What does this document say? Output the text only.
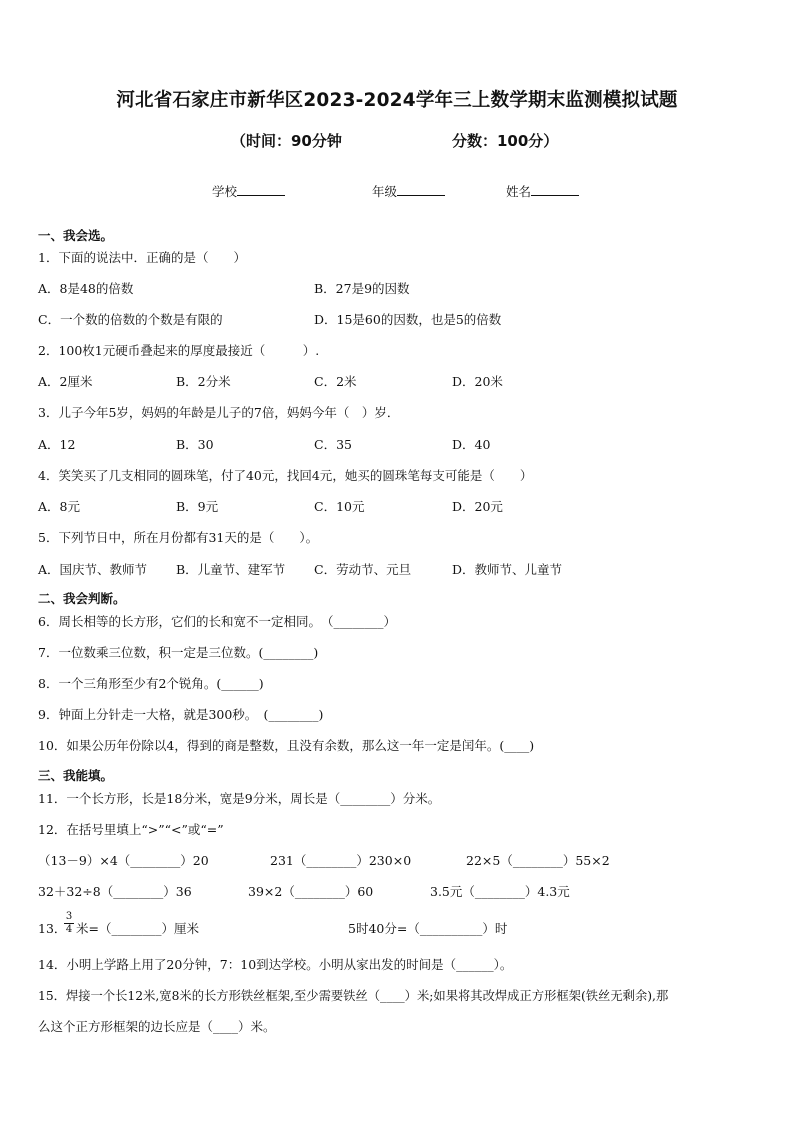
河北省石家庄市新华区2023-2024学年三上数学期末监测模拟试题
（时间：90分钟	分数：100分）
学校	年级	姓名
一、我会选。
1．下面的说法中．正确的是（　　）
A．8是48的倍数	B．27是9的因数
C．一个数的倍数的个数是有限的	D．15是60的因数，也是5的倍数
2．100枚1元硬币叠起来的厚度最接近（　　　）.
A．2厘米	B．2分米	C．2米	D．20米
3．儿子今年5岁，妈妈的年龄是儿子的7倍，妈妈今年（　）岁．
A．12	B．30	C．35	D．40
4．笑笑买了几支相同的圆珠笔，付了40元，找回4元，她买的圆珠笔每支可能是（　　）
A．8元	B．9元	C．10元	D．20元
5．下列节日中，所在月份都有31天的是（　　）。
A．国庆节、教师节 B．儿童节、建军节 C．劳动节、元旦	D．教师节、儿童节
二、我会判断。
6．周长相等的长方形，它们的长和宽不一定相同。　（________）
7．一位数乘三位数，积一定是三位数。(________)
8．一个三角形至少有2个锐角。(______)
9．钟面上分针走一大格，就是300秒。　(________)
10．如果公历年份除以4，得到的商是整数，且没有余数，那么这一年一定是闰年。(____)
三、我能填。
11．一个长方形，长是18分米，宽是9分米，周长是（________）分米。
12．在括号里填上“>”“<”或“=”
（13－9）×4（________）20	231（________）230×0	22×5（________）55×2
32＋32÷8（________）36	39×2（________）60	3.5元（________）4.3元
13．
3
4 米=（________）厘米	5时40分=（__________）时
14．小明上学路上用了20分钟，7：10到达学校。小明从家出发的时间是（______）。
15．焊接一个长12米,宽8米的长方形铁丝框架,至少需要铁丝（____）米;如果将其改焊成正方形框架(铁丝无剩余),那
么这个正方形框架的边长应是（____）米。
